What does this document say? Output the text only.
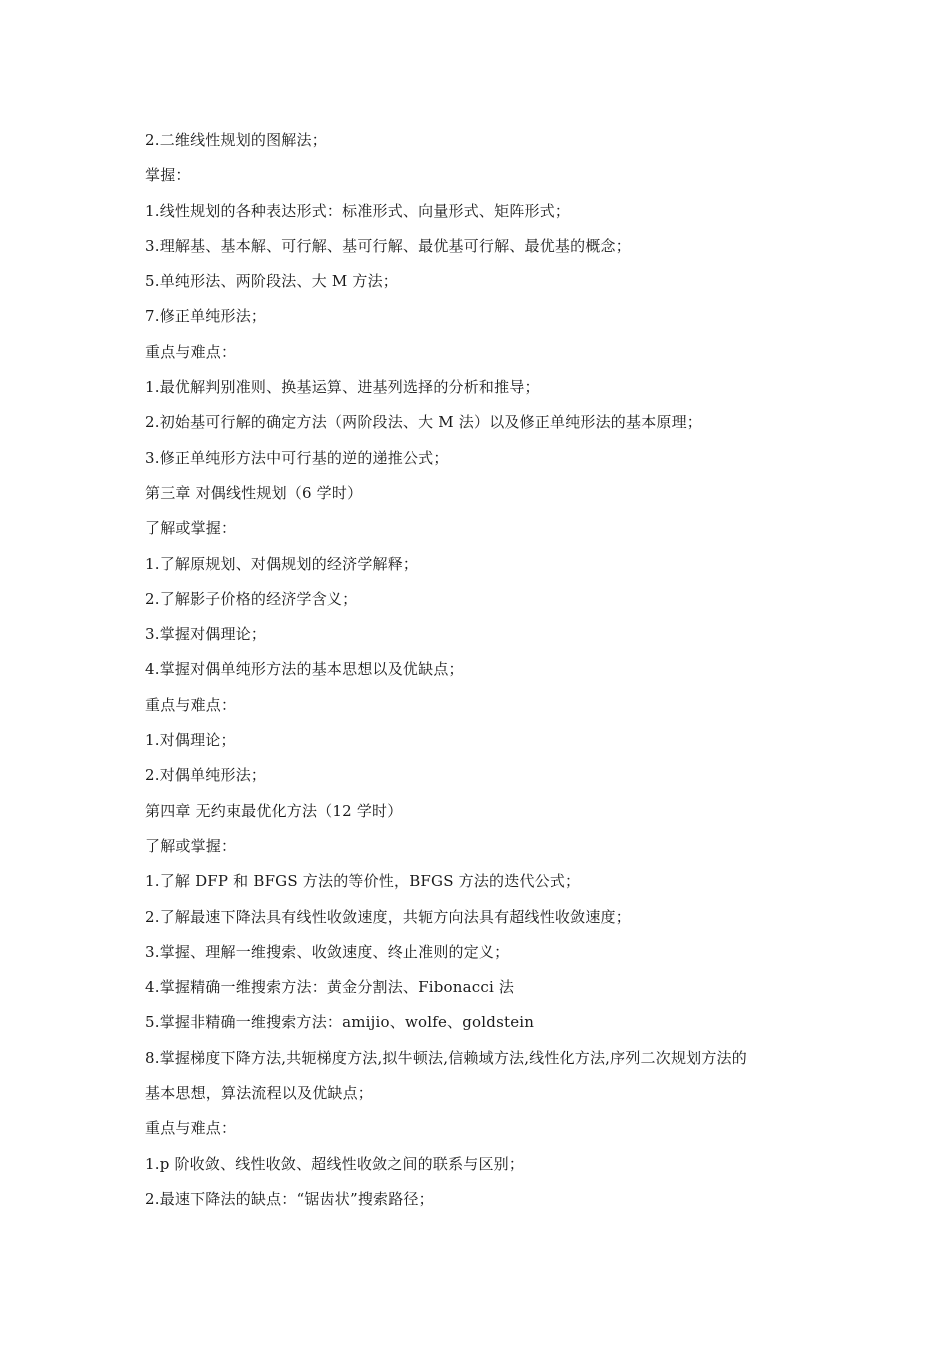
2.二维线性规划的图解法；
掌握：
1.线性规划的各种表达形式：标准形式、向量形式、矩阵形式；
3.理解基、基本解、可行解、基可行解、最优基可行解、最优基的概念；
5.单纯形法、两阶段法、大 M 方法；
7.修正单纯形法；
重点与难点：
1.最优解判别准则、换基运算、进基列选择的分析和推导；
2.初始基可行解的确定方法（两阶段法、大 M 法）以及修正单纯形法的基本原理；
3.修正单纯形方法中可行基的逆的递推公式；
第三章 对偶线性规划（6 学时）
了解或掌握：
1.了解原规划、对偶规划的经济学解释；
2.了解影子价格的经济学含义；
3.掌握对偶理论；
4.掌握对偶单纯形方法的基本思想以及优缺点；
重点与难点：
1.对偶理论；
2.对偶单纯形法；
第四章 无约束最优化方法（12 学时）
了解或掌握：
1.了解 DFP 和 BFGS 方法的等价性，BFGS 方法的迭代公式；
2.了解最速下降法具有线性收敛速度，共轭方向法具有超线性收敛速度；
3.掌握、理解一维搜索、收敛速度、终止准则的定义；
4.掌握精确一维搜索方法：黄金分割法、Fibonacci 法
5.掌握非精确一维搜索方法：amijio、wolfe、goldstein
8.掌握梯度下降方法,共轭梯度方法,拟牛顿法,信赖域方法,线性化方法,序列二次规划方法的
基本思想，算法流程以及优缺点；
重点与难点：
1.p 阶收敛、线性收敛、超线性收敛之间的联系与区别；
2.最速下降法的缺点：“锯齿状”搜索路径；
